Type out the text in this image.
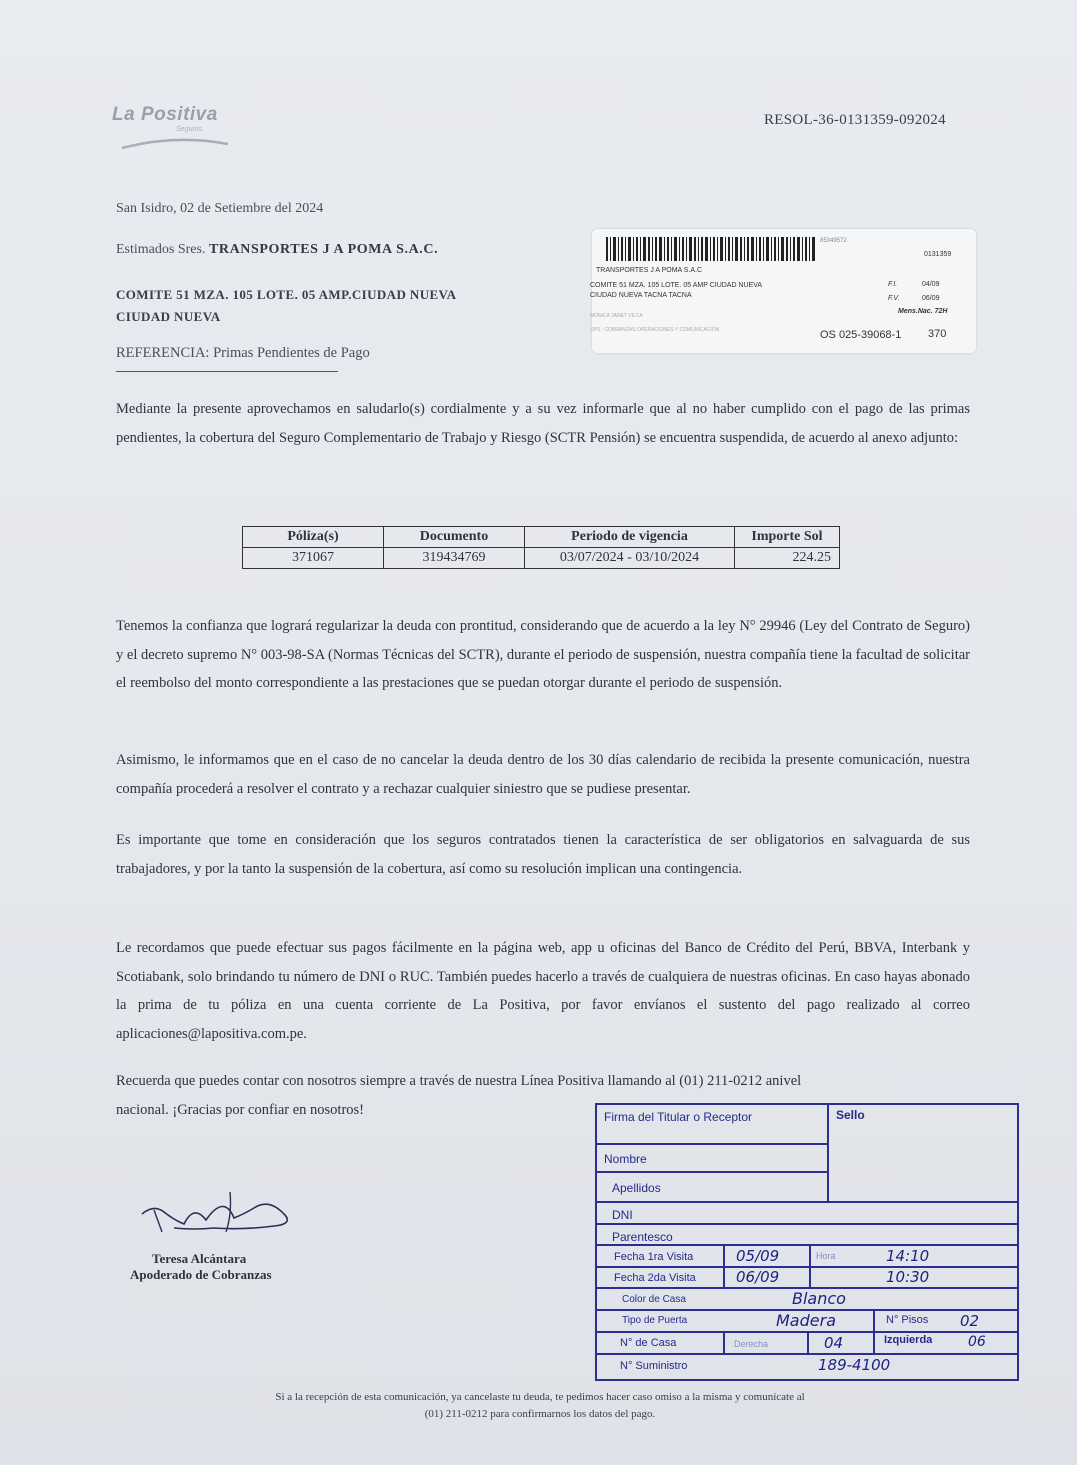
La Positiva
Seguros
RESOL-36-0131359-092024
San Isidro, 02 de Setiembre del 2024
Estimados Sres. TRANSPORTES J A POMA S.A.C.
COMITE 51 MZA. 105 LOTE. 05 AMP.CIUDAD NUEVA
CIUDAD NUEVA
REFERENCIA: Primas Pendientes de Pago
85349572
0131359
TRANSPORTES J A POMA S.A.C
COMITE 51 MZA. 105 LOTE. 05 AMP CIUDAD NUEVA
CIUDAD NUEVA TACNA TACNA
F.I.	04/09
F.V.	06/09
Mens.Nac. 72H
MONICA JANET VILCA
UPS : COBRANZAS OPERACIONES Y COMUNICACION	OS 025-39068-1 370
Mediante la presente aprovechamos en saludarlo(s) cordialmente y a su vez informarle que al no haber cumplido con el pago de las primas pendientes, la cobertura del Seguro Complementario de Trabajo y Riesgo (SCTR Pensión) se encuentra suspendida, de acuerdo al anexo adjunto:
Póliza(s)	Documento	Periodo de vigencia	Importe Sol
371067	319434769	03/07/2024 - 03/10/2024	224.25
Tenemos la confianza que logrará regularizar la deuda con prontitud, considerando que de acuerdo a la ley N° 29946 (Ley del Contrato de Seguro) y el decreto supremo N° 003-98-SA (Normas Técnicas del SCTR), durante el periodo de suspensión, nuestra compañía tiene la facultad de solicitar el reembolso del monto correspondiente a las prestaciones que se puedan otorgar durante el periodo de suspensión.
Asimismo, le informamos que en el caso de no cancelar la deuda dentro de los 30 días calendario de recibida la presente comunicación, nuestra compañía procederá a resolver el contrato y a rechazar cualquier siniestro que se pudiese presentar.
Es importante que tome en consideración que los seguros contratados tienen la característica de ser obligatorios en salvaguarda de sus trabajadores, y por la tanto la suspensión de la cobertura, así como su resolución implican una contingencia.
Le recordamos que puede efectuar sus pagos fácilmente en la página web, app u oficinas del Banco de Crédito del Perú, BBVA, Interbank y Scotiabank, solo brindando tu número de DNI o RUC. También puedes hacerlo a través de cualquiera de nuestras oficinas. En caso hayas abonado la prima de tu póliza en una cuenta corriente de La Positiva, por favor envíanos el sustento del pago realizado al correo aplicaciones@lapositiva.com.pe.
Recuerda que puedes contar con nosotros siempre a través de nuestra Línea Positiva llamando al (01) 211-0212 anivel
nacional. ¡Gracias por confiar en nosotros!
Teresa Alcántara
Apoderado de Cobranzas
Firma del Titular o Receptor	Sello
Nombre
Apellidos
DNI
Parentesco
Fecha 1ra Visita	05/09	Hora	14:10
Fecha 2da Visita	06/09	10:30
Color de Casa	Blanco
Tipo de Puerta	Madera	N° Pisos 02
N° de Casa	Derecha	04	Izquierda	06
N° Suministro	189-4100
Si a la recepción de esta comunicación, ya cancelaste tu deuda, te pedimos hacer caso omiso a la misma y comunícate al
(01) 211-0212 para confirmarnos los datos del pago.
